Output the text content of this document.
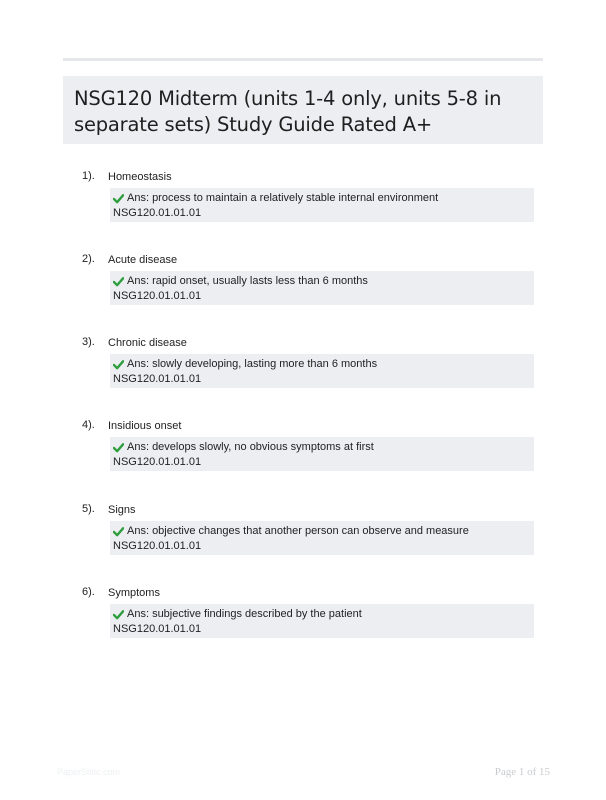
NSG120 Midterm (units 1-4 only, units 5-8 in separate sets) Study Guide Rated A+
1). Homeostasis
Ans: process to maintain a relatively stable internal environment
NSG120.01.01.01
2). Acute disease
Ans: rapid onset, usually lasts less than 6 months
NSG120.01.01.01
3). Chronic disease
Ans: slowly developing, lasting more than 6 months
NSG120.01.01.01
4). Insidious onset
Ans: develops slowly, no obvious symptoms at first
NSG120.01.01.01
5). Signs
Ans: objective changes that another person can observe and measure
NSG120.01.01.01
6). Symptoms
Ans: subjective findings described by the patient
NSG120.01.01.01
PaperStitic.com	Page 1 of 15
